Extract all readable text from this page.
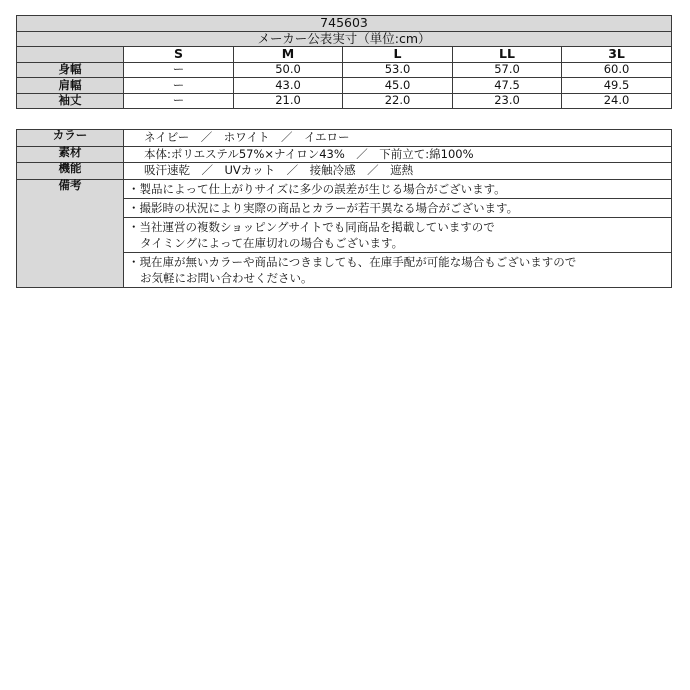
745603					
メーカー公表実寸（単位:cm）					
	S	M	L	LL	3L
身幅	ー	50.0	53.0	57.0	60.0
肩幅	ー	43.0	45.0	47.5	49.5
袖丈	ー	21.0	22.0	23.0	24.0
カラー	ネイビー　／　ホワイト　／　イエロー
素材	本体:ポリエステル57%×ナイロン43%　／　下前立て:綿100%
機能	吸汗速乾　／　UVカット　／　接触冷感　／　遮熱
備考	・製品によって仕上がりサイズに多少の誤差が生じる場合がございます。

	・撮影時の状況により実際の商品とカラーが若干異なる場合がございます。

	・当社運営の複数ショッピングサイトでも同商品を掲載していますので
タイミングによって在庫切れの場合もございます。

	・現在庫が無いカラーや商品につきましても、在庫手配が可能な場合もございますので
お気軽にお問い合わせください。
